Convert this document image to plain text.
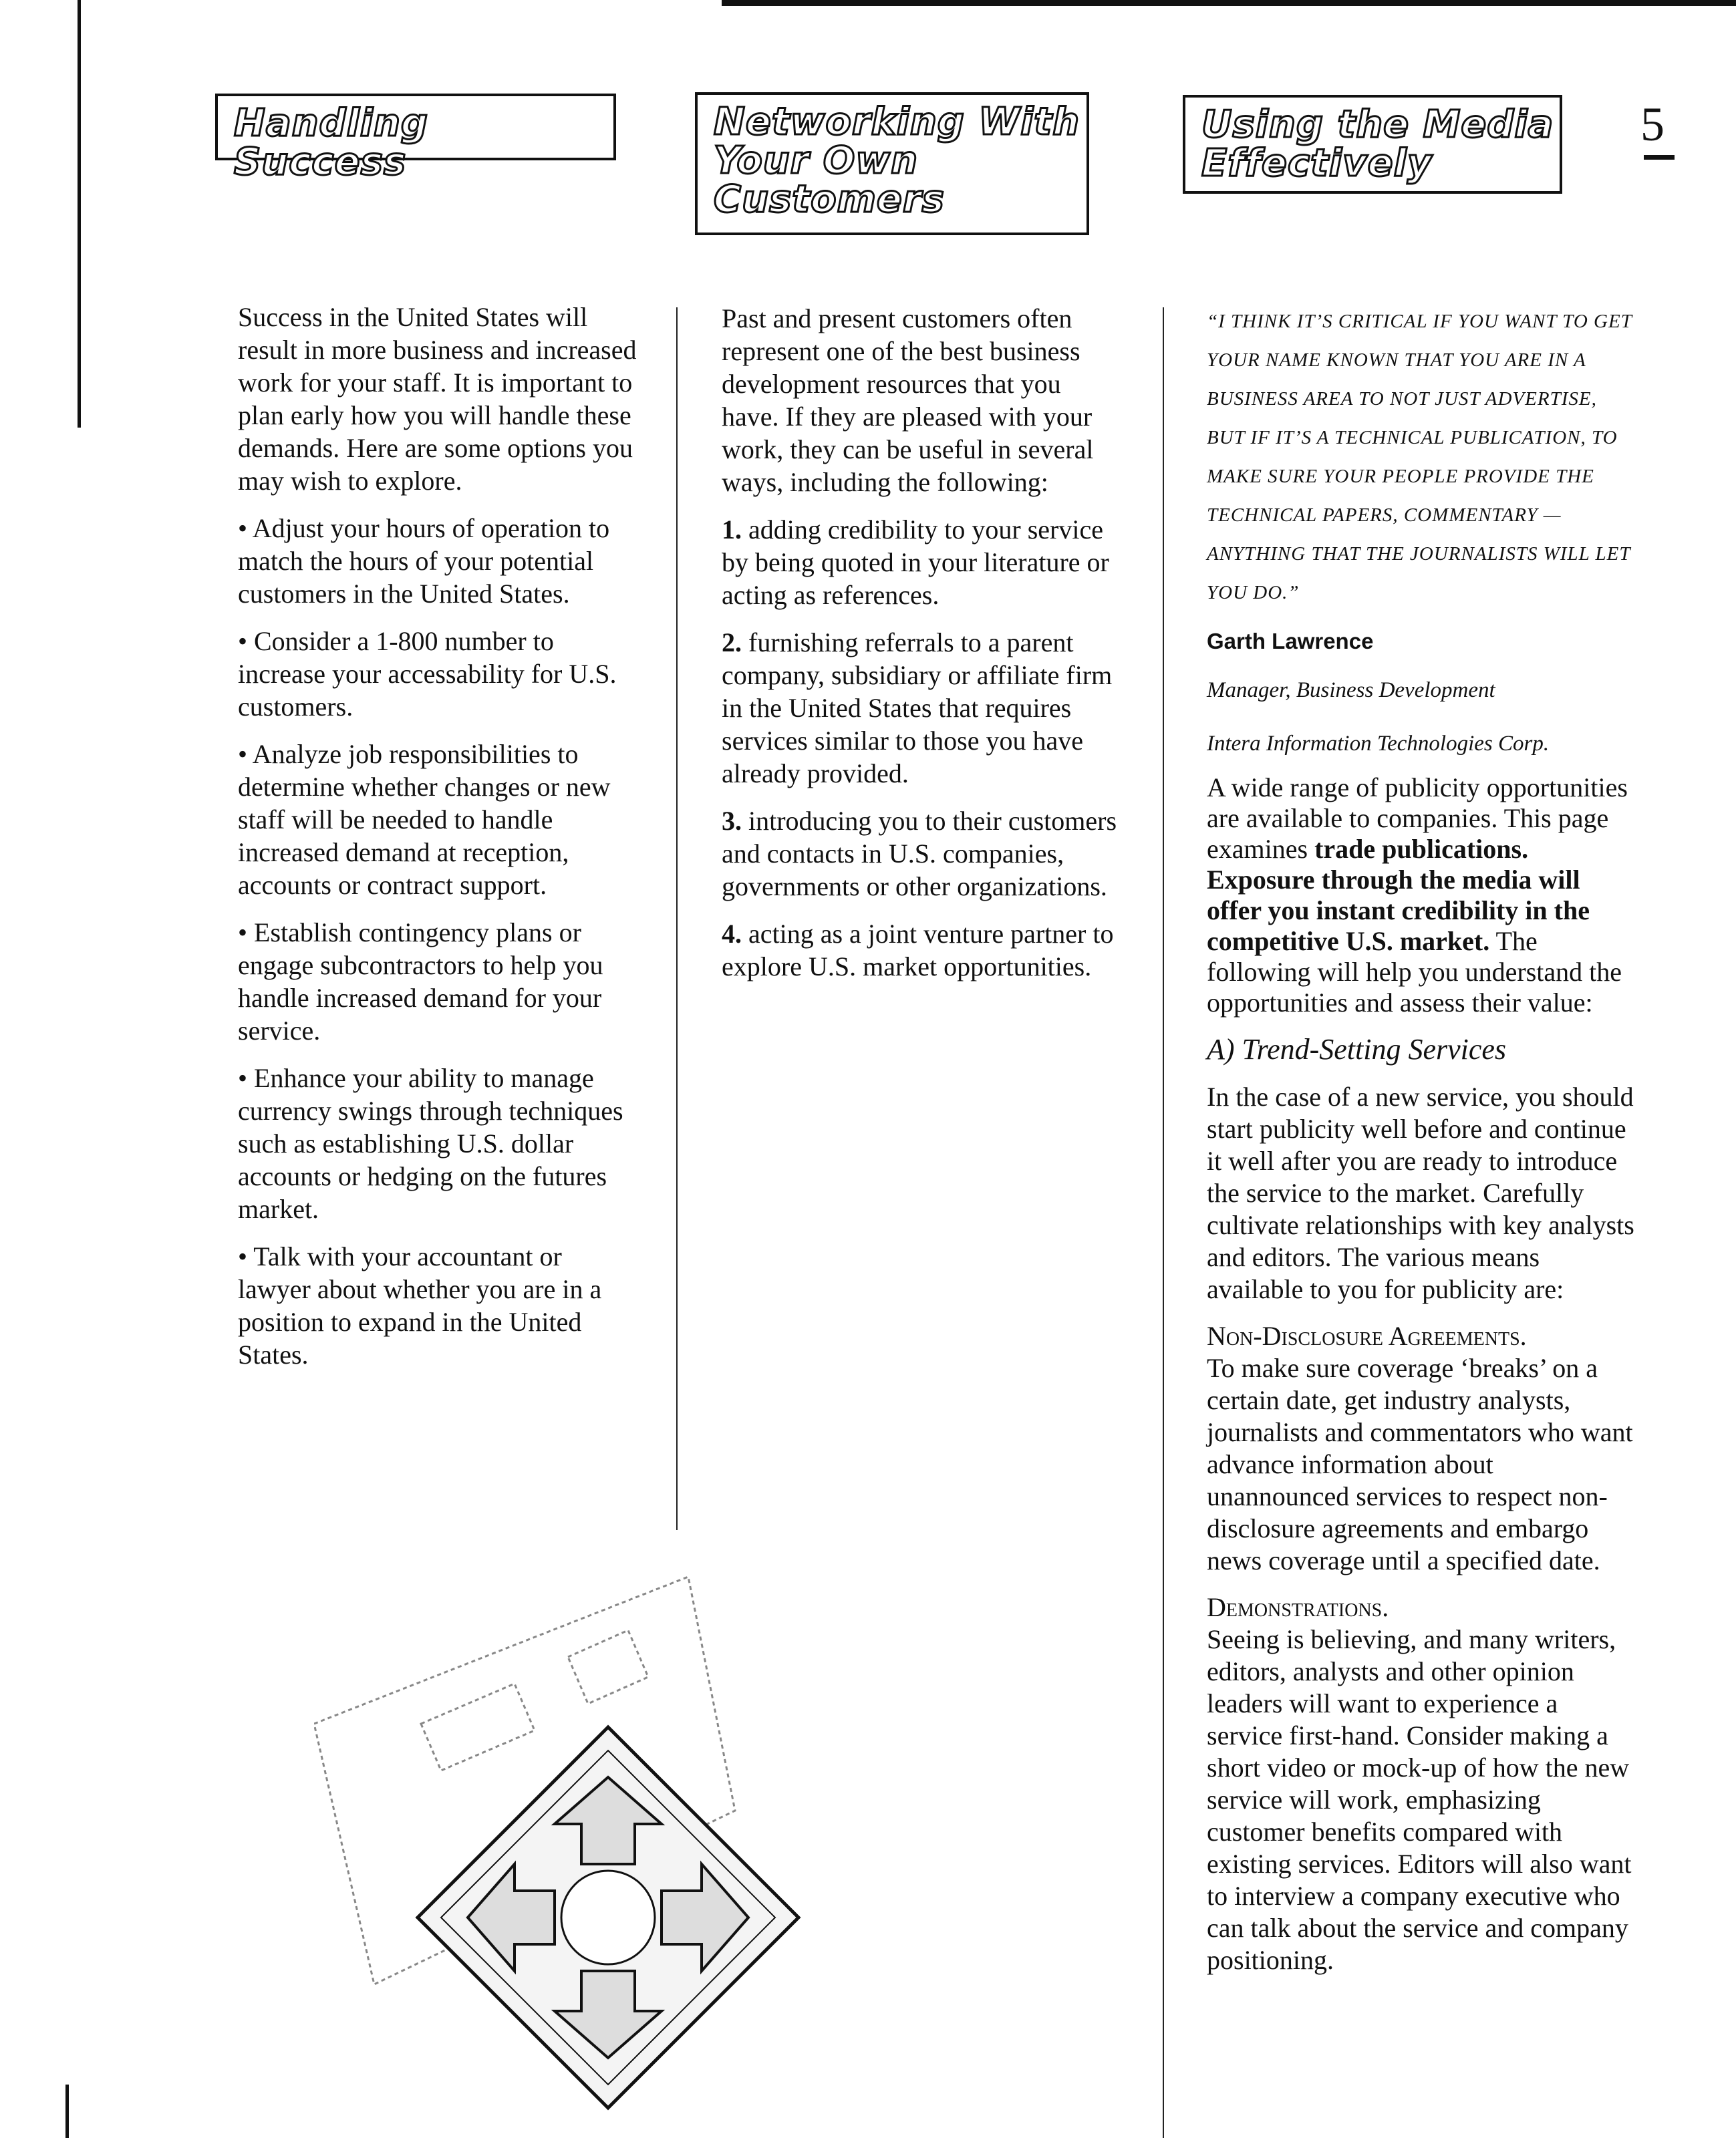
5
Handling Success
Networking With
Your Own
Customers
Using the Media
Effectively

Success in the United States will result in more business and increased work for your staff. It is important to plan early how you will handle these demands. Here are some options you may wish to explore.

• Adjust your hours of operation to match the hours of your potential customers in the United States.

• Consider a 1-800 number to increase your accessability for U.S. customers.

• Analyze job responsibilities to determine whether changes or new staff will be needed to handle increased demand at reception, accounts or contract support.

• Establish contingency plans or engage subcontractors to help you handle increased demand for your service.

• Enhance your ability to manage currency swings through techniques such as establishing U.S. dollar accounts or hedging on the futures market.

• Talk with your accountant or lawyer about whether you are in a position to expand in the United States.

Past and present customers often represent one of the best business development resources that you have. If they are pleased with your work, they can be useful in several ways, including the following:

1. adding credibility to your service by being quoted in your literature or acting as references.

2. furnishing referrals to a parent company, subsidiary or affiliate firm in the United States that requires services similar to those you have already provided.

3. introducing you to their customers and contacts in U.S. companies, governments or other organizations.

4. acting as a joint venture partner to explore U.S. market opportunities.

“I THINK IT’S CRITICAL IF YOU WANT TO GET YOUR NAME KNOWN THAT YOU ARE IN A BUSINESS AREA TO NOT JUST ADVERTISE, BUT IF IT’S A TECHNICAL PUBLICATION, TO MAKE SURE YOUR PEOPLE PROVIDE THE TECHNICAL PAPERS, COMMENTARY — ANYTHING THAT THE JOURNALISTS WILL LET YOU DO.”

Garth Lawrence

Manager, Business Development

Intera Information Technologies Corp.

A wide range of publicity opportunities are available to companies. This page examines trade publications. Exposure through the media will offer you instant credibility in the competitive U.S. market. The following will help you understand the opportunities and assess their value:

A) Trend-Setting Services

In the case of a new service, you should start publicity well before and continue it well after you are ready to introduce the service to the market. Carefully cultivate relationships with key analysts and editors. The various means available to you for publicity are:

Non-Disclosure Agreements.

To make sure coverage ‘breaks’ on a certain date, get industry analysts, journalists and commentators who want advance information about unannounced services to respect non-disclosure agreements and embargo news coverage until a specified date.

Demonstrations.

Seeing is believing, and many writers, editors, analysts and other opinion leaders will want to experience a service first-hand. Consider making a short video or mock-up of how the new service will work, emphasizing customer benefits compared with existing services. Editors will also want to interview a company executive who can talk about the service and company positioning.
